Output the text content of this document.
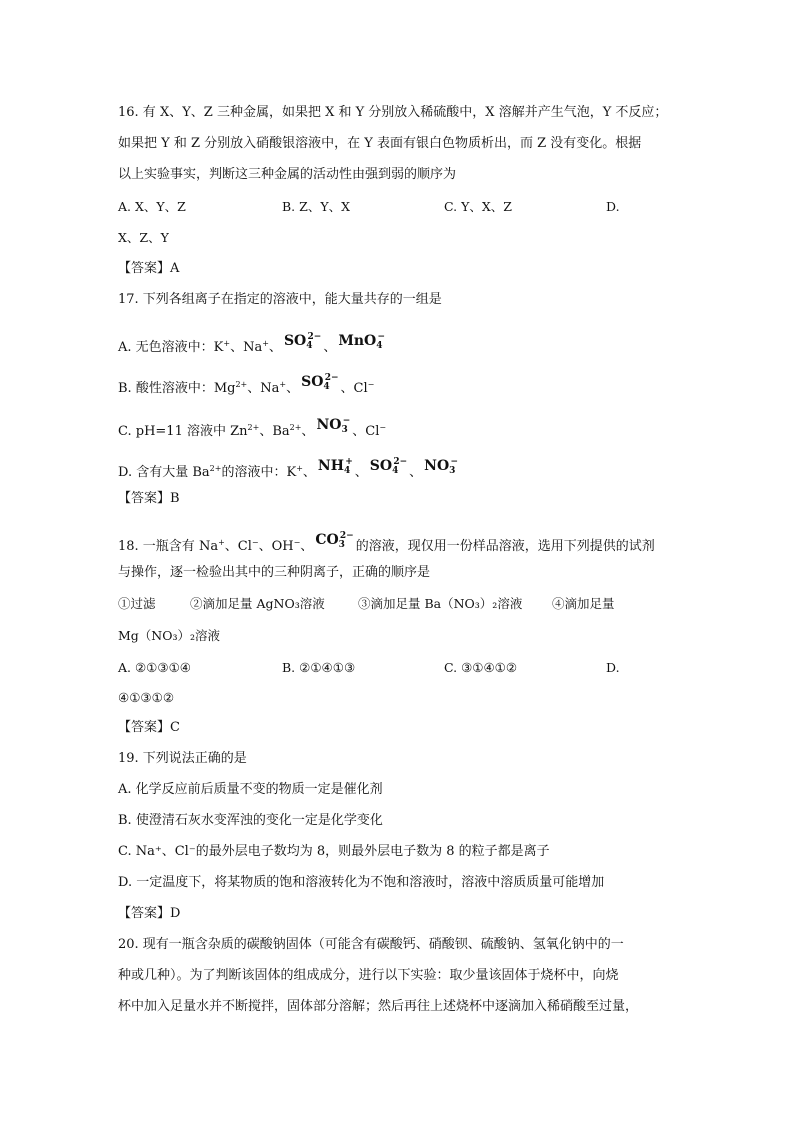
16. 有 X、Y、Z 三种金属，如果把 X 和 Y 分别放入稀硫酸中，X 溶解并产生气泡，Y 不反应；
如果把 Y 和 Z 分别放入硝酸银溶液中，在 Y 表面有银白色物质析出，而 Z 没有变化。根据
以上实验事实，判断这三种金属的活动性由强到弱的顺序为
A. X、Y、Z	B. Z、Y、X	C. Y、X、Z	D.
X、Z、Y
【答案】A
17. 下列各组离子在指定的溶液中，能大量共存的一组是
A. 无色溶液中：K+、Na+、 $SO_4^{2-}$、 MnO$_4$−
B. 酸性溶液中：$Mg^{2+}$、Na+、 $SO_4^{2-}$、Cl−
C. pH=11 溶液中 $Zn^{2+}$、$Ba^{2+}$、 $NO_3^-$、Cl−
D. 含有大量 $Ba^{2+}$的溶液中：K+、 $NH_4^+$、 $SO_4^{2-}$、 $NO_3^-$
【答案】B
18. 一瓶含有 Na+、Cl−、OH−、 $CO_3^{2-}$的溶液，现仅用一份样品溶液，选用下列提供的试剂
与操作，逐一检验出其中的三种阴离子，正确的顺序是
①过滤	②滴加足量 AgNO₃溶液	③滴加足量 Ba（NO₃）₂溶液 ④滴加足量
Mg（NO₃）₂溶液
A. ②①③①④	B. ②①④①③	C. ③①④①②	D.
④①③①②
【答案】C
19. 下列说法正确的是
A. 化学反应前后质量不变的物质一定是催化剂
B. 使澄清石灰水变浑浊的变化一定是化学变化
C. Na⁺、Cl⁻的最外层电子数均为 8，则最外层电子数为 8 的粒子都是离子
D. 一定温度下，将某物质的饱和溶液转化为不饱和溶液时，溶液中溶质质量可能增加
【答案】D
20. 现有一瓶含杂质的碳酸钠固体（可能含有碳酸钙、硝酸钡、硫酸钠、氢氧化钠中的一
种或几种）。为了判断该固体的组成成分，进行以下实验：取少量该固体于烧杯中，向烧
杯中加入足量水并不断搅拌，固体部分溶解；然后再往上述烧杯中逐滴加入稀硝酸至过量，
